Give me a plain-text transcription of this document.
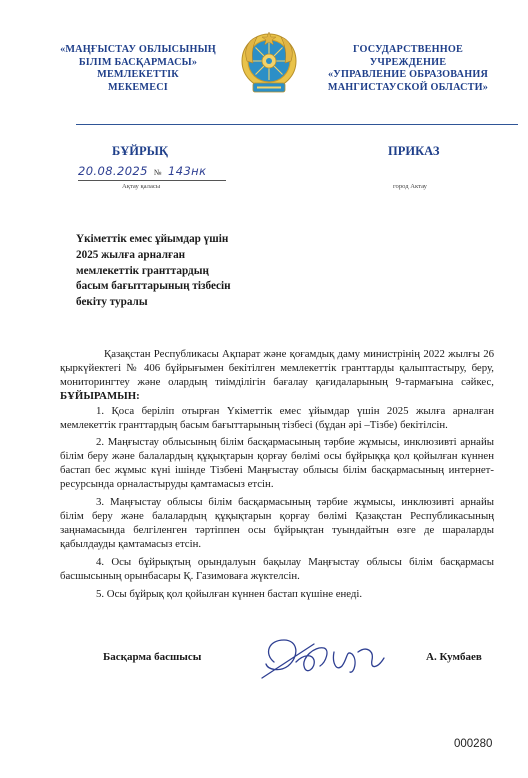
«МАҢҒЫСТАУ ОБЛЫСЫНЫҢ
БІЛІМ БАСҚАРМАСЫ»
МЕМЛЕКЕТТІК
МЕКЕМЕСІ
ГОСУДАРСТВЕННОЕ
УЧРЕЖДЕНИЕ
«УПРАВЛЕНИЕ ОБРАЗОВАНИЯ
МАНГИСТАУСКОЙ ОБЛАСТИ»
БҰЙРЫҚ	ПРИКАЗ
20.08.2025 № 143нк
Ақтау қаласы	город Актау
Үкіметтік емес ұйымдар үшін
2025 жылға арналған
мемлекеттік гранттардың
басым бағыттарының тізбесін
бекіту туралы

Қазақстан Республикасы Ақпарат және қоғамдық даму министрінің 2022 жылғы 26 қыркүйектегі № 406 бұйрығымен бекітілген мемлекеттік гранттарды қалыптастыру, беру, мониторингтеу және олардың тиімділігін бағалау қағидаларының 9-тармағына сәйкес, БҰЙЫРАМЫН:

1. Қоса беріліп отырған Үкіметтік емес ұйымдар үшін 2025 жылға арналған мемлекеттік гранттардың басым бағыттарының тізбесі (бұдан әрі –Тізбе) бекітілсін.

2. Маңғыстау облысының білім басқармасының тәрбие жұмысы, инклюзивті арнайы білім беру және балалардың құқықтарын қорғау бөлімі осы бұйрыққа қол қойылған күннен бастап бес жұмыс күні ішінде Тізбені Маңғыстау облысы білім басқармасының интернет-ресурсында орналастыруды қамтамасыз етсін.

3. Маңғыстау облысы білім басқармасының тәрбие жұмысы, инклюзивті арнайы білім беру және балалардың құқықтарын қорғау бөлімі Қазақстан Республикасының заңнамасында белгіленген тәртіппен осы бұйрықтан туындайтын өзге де шараларды қабылдауды қамтамасыз етсін.

4. Осы бұйрықтың орындалуын бақылау Маңғыстау облысы білім басқармасы басшысының орынбасары Қ. Газимоваға жүктелсін.

5. Осы бұйрық қол қойылған күннен бастап күшіне енеді.

Басқарма басшысы	А. Кумбаев
000280
